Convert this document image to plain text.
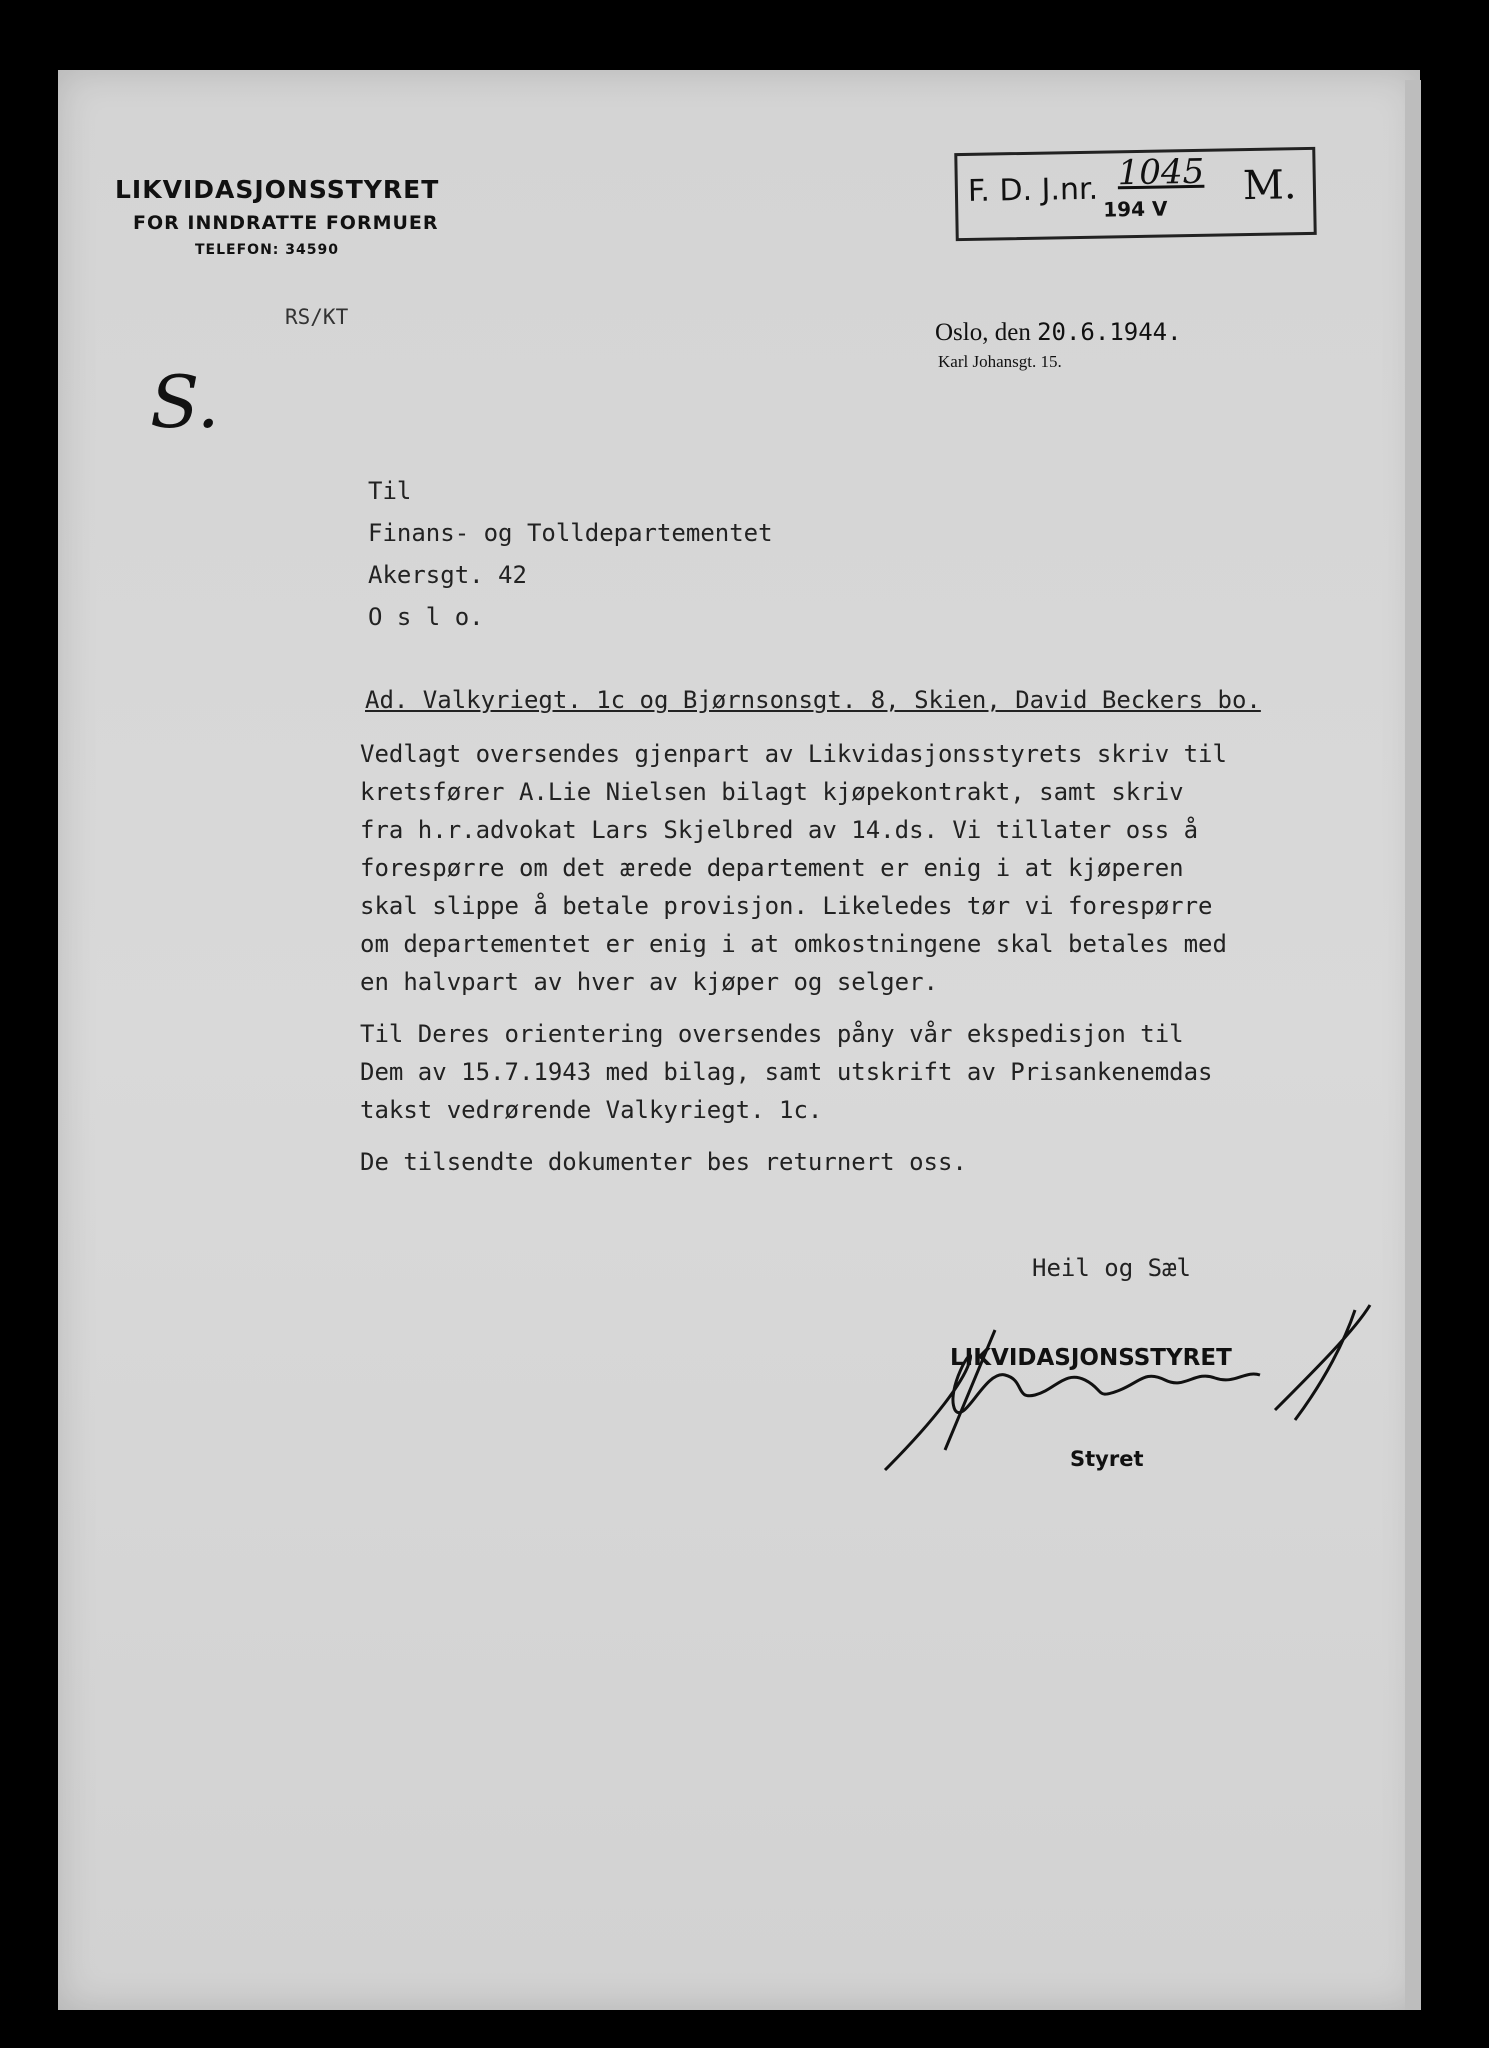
LIKVIDASJONSSTYRET
FOR INNDRATTE FORMUER
TELEFON: 34590
F. D. J.nr. 1045
194 V M.
RS/KT
Oslo, den 20.6.1944.
Karl Johansgt. 15.
S.
Til
Finans- og Tolldepartementet
Akersgt. 42
O s l o.
Ad. Valkyriegt. 1c og Bjørnsonsgt. 8, Skien, David Beckers bo.

Vedlagt oversendes gjenpart av Likvidasjonsstyrets skriv til
kretsfører A.Lie Nielsen bilagt kjøpekontrakt, samt skriv
fra h.r.advokat Lars Skjelbred av 14.ds. Vi tillater oss å
forespørre om det ærede departement er enig i at kjøperen
skal slippe å betale provisjon. Likeledes tør vi forespørre
om departementet er enig i at omkostningene skal betales med
en halvpart av hver av kjøper og selger.

Til Deres orientering oversendes påny vår ekspedisjon til
Dem av 15.7.1943 med bilag, samt utskrift av Prisankenemdas
takst vedrørende Valkyriegt. 1c.

De tilsendte dokumenter bes returnert oss.

Heil og Sæl
LIKVIDASJONSSTYRET
Styret
